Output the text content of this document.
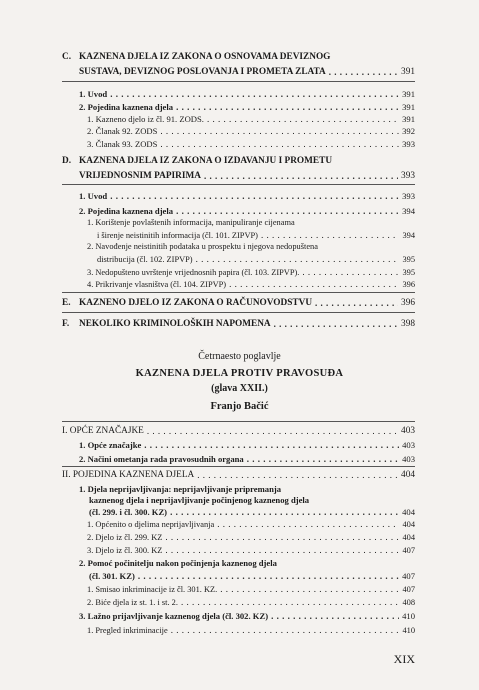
C. KAZNENA DJELA IZ ZAKONA O OSNOVAMA DEVIZNOG
SUSTAVA, DEVIZNOG POSLOVANJA I PROMETA ZLATA . . .	391
1. Uvod . . .	391
2. Pojedina kaznena djela . . .	391
1. Kazneno djelo iz čl. 91. ZODS. . . .	391
2. Članak 92. ZODS . . .	392
3. Članak 93. ZODS . . .	393
D. KAZNENA DJELA IZ ZAKONA O IZDAVANJU I PROMETU
VRIJEDNOSNIM PAPIRIMA . . .	393
1. Uvod . . .	393
2. Pojedina kaznena djela . . .	394
1. Korištenje povlaštenih informacija, manipuliranje cijenama
i širenje neistinitih informacija (čl. 101. ZIPVP) . . .	394
2. Navođenje neistinitih podataka u prospektu i njegova nedopuštena
distribucija (čl. 102. ZIPVP) . . .	395
3. Nedopušteno uvrštenje vrijednosnih papira (čl. 103. ZIPVP). . . .	395
4. Prikrivanje vlasništva (čl. 104. ZIPVP) . . .	396
E. KAZNENO DJELO IZ ZAKONA O RAČUNOVODSTVU . . .	396
F.	NEKOLIKO KRIMINOLOŠKIH NAPOMENA . . .	398
Četrnaesto poglavlje
KAZNENA DJELA PROTIV PRAVOSUĐA
(glava XXII.)
Franjo Bačić
I. OPĆE ZNAČAJKE . . .	403
1. Opće značajke . . .	403
2. Načini ometanja rada pravosudnih organa . . .	403
II. POJEDINA KAZNENA DJELA . . .	404
1. Djela neprijavljivanja: neprijavljivanje pripremanja
kaznenog djela i neprijavljivanje počinjenog kaznenog djela
(čl. 299. i čl. 300. KZ) . . .	404
1. Općenito o djelima neprijavljivanja . . .	404
2. Djelo iz čl. 299. KZ . . .	404
3. Djelo iz čl. 300. KZ . . .	407
2. Pomoć počinitelju nakon počinjenja kaznenog djela
(čl. 301. KZ) . . .	407
1. Smisao inkriminacije iz čl. 301. KZ. . . .	407
2. Biće djela iz st. 1. i st. 2. . . .	408
3. Lažno prijavljivanje kaznenog djela (čl. 302. KZ) . . .	410
1. Pregled inkriminacije . . .	410
XIX
